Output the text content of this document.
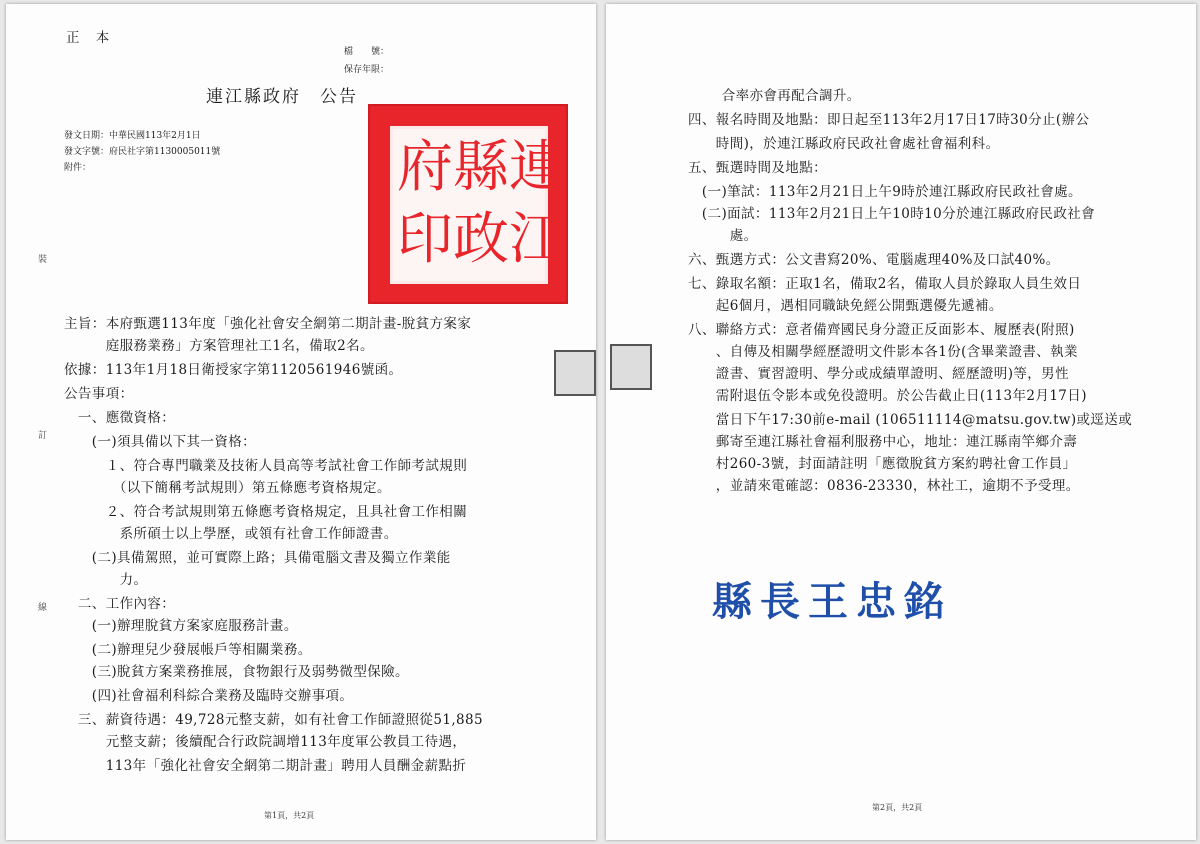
正 本
檔　　號：
保存年限：
連江縣政府　公告
發文日期：中華民國113年2月1日
發文字號：府民社字第1130005011號
附件：	府 縣 連
印 政 江
裝
訂
線

主旨：本府甄選113年度「強化社會安全網第二期計畫-脫貧方案家
　　　庭服務業務」方案管理社工1名，備取2名。
依據：113年1月18日衛授家字第1120561946號函。
公告事項：
　一、應徵資格：
　　(一)須具備以下其一資格：
　　　１、符合專門職業及技術人員高等考試社會工作師考試規則
　　　　（以下簡稱考試規則）第五條應考資格規定。
　　　２、符合考試規則第五條應考資格規定，且具社會工作相關
　　　　系所碩士以上學歷，或領有社會工作師證書。
　　(二)具備駕照，並可實際上路；具備電腦文書及獨立作業能
　　　　力。
　二、工作內容：
　　(一)辦理脫貧方案家庭服務計畫。
　　(二)辦理兒少發展帳戶等相關業務。
　　(三)脫貧方案業務推展，食物銀行及弱勢微型保險。
　　(四)社會福利科綜合業務及臨時交辦事項。
　三、薪資待遇：49,728元整支薪，如有社會工作師證照從51,885
　　　元整支薪；後續配合行政院調增113年度軍公教員工待遇，
　　　113年「強化社會安全網第二期計畫」聘用人員酬金薪點折
第1頁，共2頁
　　　合率亦會再配合調升。
四、報名時間及地點：即日起至113年2月17日17時30分止(辦公
　　時間)，於連江縣政府民政社會處社會福利科。
五、甄選時間及地點：
　(一)筆試：113年2月21日上午9時於連江縣政府民政社會處。
　(二)面試：113年2月21日上午10時10分於連江縣政府民政社會
　　　處。
六、甄選方式：公文書寫20%、電腦處理40%及口試40%。
七、錄取名額：正取1名，備取2名，備取人員於錄取人員生效日
　　起6個月，遇相同職缺免經公開甄選優先遞補。
八、聯絡方式：意者備齊國民身分證正反面影本、履歷表(附照)
　　、自傳及相關學經歷證明文件影本各1份(含畢業證書、執業
　　證書、實習證明、學分或成績單證明、經歷證明)等，男性
　　需附退伍令影本或免役證明。於公告截止日(113年2月17日)
　　當日下午17:30前e-mail (106511114@matsu.gov.tw)或逕送或
　　郵寄至連江縣社會福利服務中心，地址：連江縣南竿鄉介壽
　　村260-3號，封面請註明「應徵脫貧方案約聘社會工作員」
　　，並請來電確認：0836-23330，林社工，逾期不予受理。
縣長王忠銘
第2頁，共2頁
